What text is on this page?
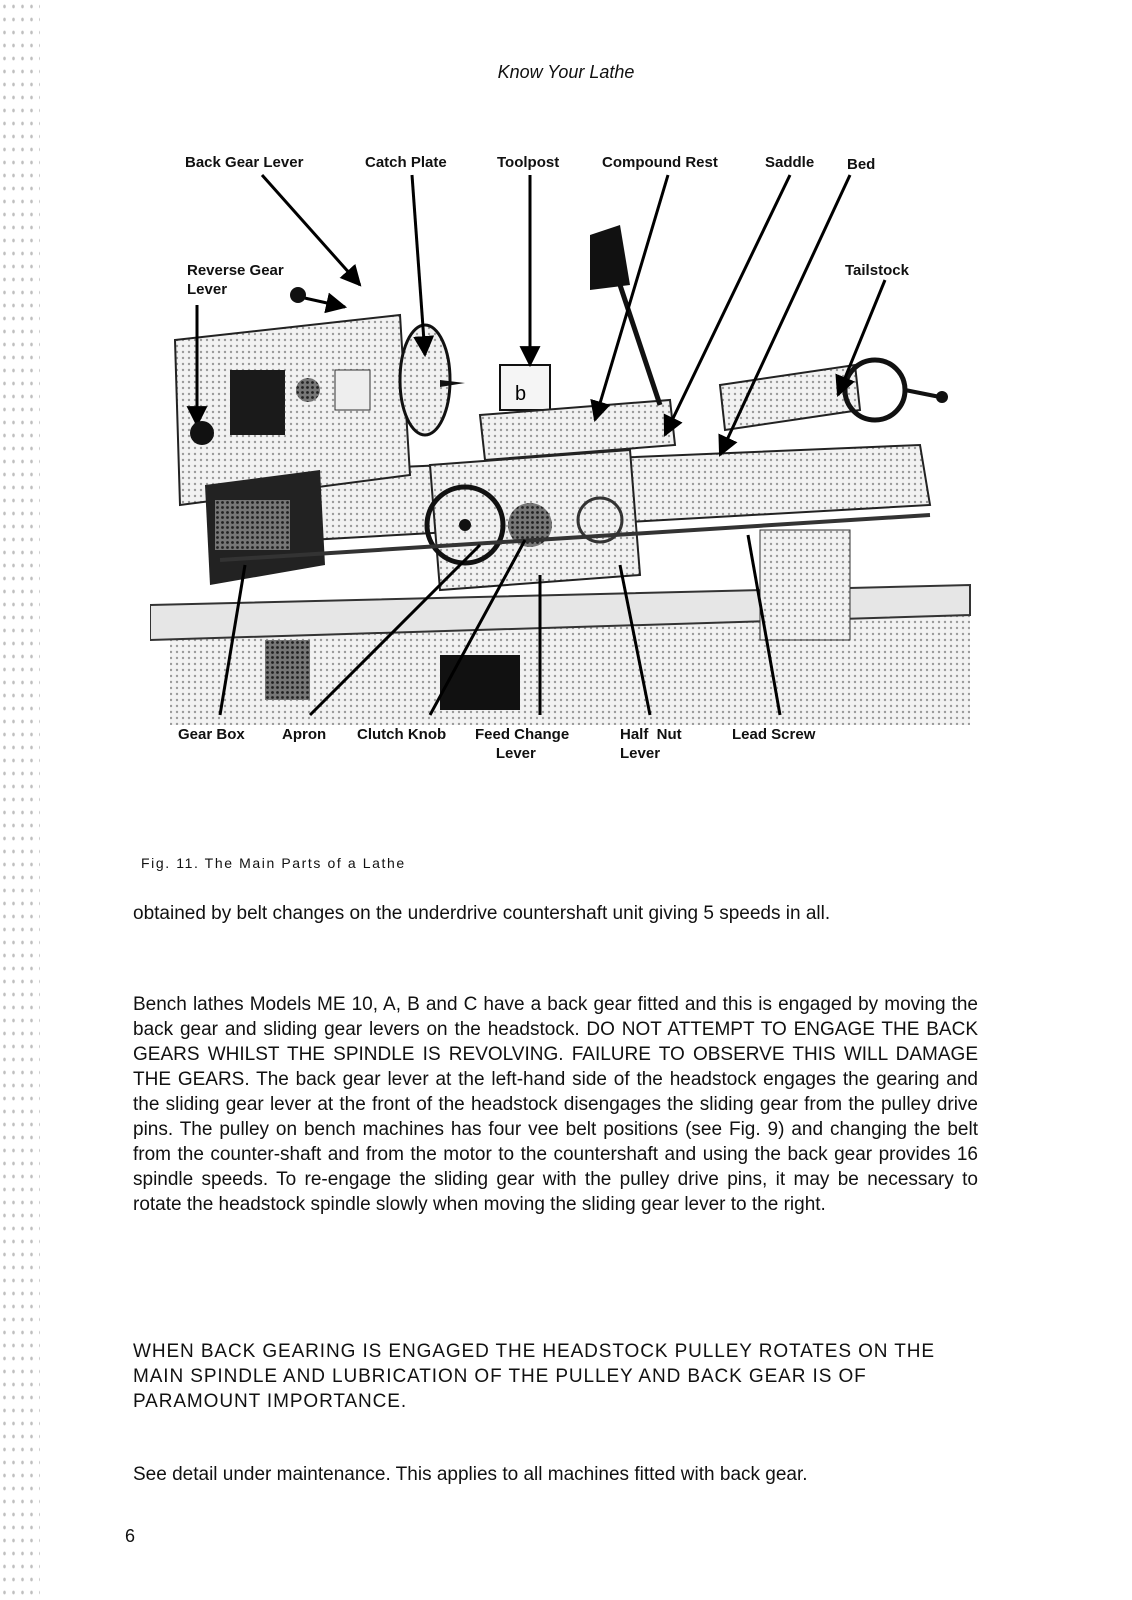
Know Your Lathe
b
Back Gear Lever	Catch Plate	Toolpost	Compound Rest	Saddle Bed
Reverse Gear
Lever
Tailstock
Gear Box Apron Clutch Knob Feed Change
Lever
Half  Nut
Lever
Lead Screw
Fig. 11. The Main Parts of a Lathe

obtained by belt changes on the underdrive countershaft unit giving 5 speeds in all.

Bench lathes Models ME 10, A, B and C have a back gear fitted and this is engaged by moving the back gear and sliding gear levers on the headstock. DO NOT ATTEMPT TO ENGAGE THE BACK GEARS WHILST THE SPINDLE IS REVOLVING. FAILURE TO OBSERVE THIS WILL DAMAGE THE GEARS. The back gear lever at the left-hand side of the headstock engages the gearing and the sliding gear lever at the front of the headstock disengages the sliding gear from the pulley drive pins. The pulley on bench machines has four vee belt positions (see Fig. 9) and changing the belt from the counter-shaft and from the motor to the countershaft and using the back gear provides 16 spindle speeds. To re-engage the sliding gear with the pulley drive pins, it may be necessary to rotate the headstock spindle slowly when moving the sliding gear lever to the right.

WHEN BACK GEARING IS ENGAGED THE HEADSTOCK PULLEY ROTATES ON THE MAIN SPINDLE AND LUBRICATION OF THE PULLEY AND BACK GEAR IS OF PARAMOUNT IMPORTANCE.

See detail under maintenance. This applies to all machines fitted with back gear.

6
